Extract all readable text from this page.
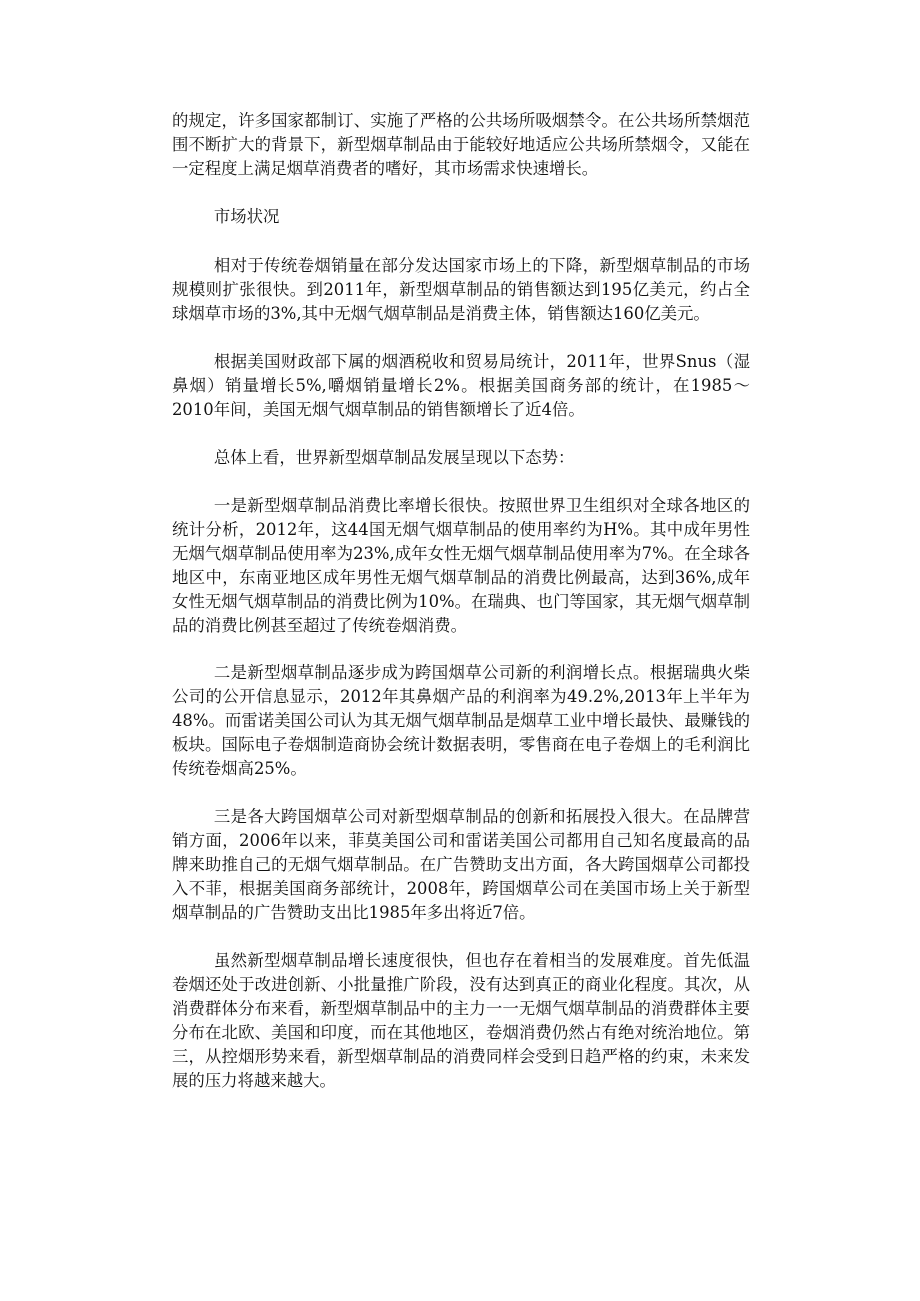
的规定，许多国家都制订、实施了严格的公共场所吸烟禁令。在公共场所禁烟范围不断扩大的背景下，新型烟草制品由于能较好地适应公共场所禁烟令，又能在一定程度上满足烟草消费者的嗜好，其市场需求快速增长。

市场状况

相对于传统卷烟销量在部分发达国家市场上的下降，新型烟草制品的市场规模则扩张很快。到2011年，新型烟草制品的销售额达到195亿美元，约占全球烟草市场的3%,其中无烟气烟草制品是消费主体，销售额达160亿美元。

根据美国财政部下属的烟酒税收和贸易局统计，2011年，世界Snus（湿鼻烟）销量增长5%,嚼烟销量增长2%。根据美国商务部的统计，在1985～2010年间，美国无烟气烟草制品的销售额增长了近4倍。

总体上看，世界新型烟草制品发展呈现以下态势：

一是新型烟草制品消费比率增长很快。按照世界卫生组织对全球各地区的统计分析，2012年，这44国无烟气烟草制品的使用率约为H%。其中成年男性无烟气烟草制品使用率为23%,成年女性无烟气烟草制品使用率为7%。在全球各地区中，东南亚地区成年男性无烟气烟草制品的消费比例最高，达到36%,成年女性无烟气烟草制品的消费比例为10%。在瑞典、也门等国家，其无烟气烟草制品的消费比例甚至超过了传统卷烟消费。

二是新型烟草制品逐步成为跨国烟草公司新的利润增长点。根据瑞典火柴公司的公开信息显示，2012年其鼻烟产品的利润率为49.2%,2013年上半年为48%。而雷诺美国公司认为其无烟气烟草制品是烟草工业中增长最快、最赚钱的板块。国际电子卷烟制造商协会统计数据表明，零售商在电子卷烟上的毛利润比传统卷烟高25%。

三是各大跨国烟草公司对新型烟草制品的创新和拓展投入很大。在品牌营销方面，2006年以来，菲莫美国公司和雷诺美国公司都用自己知名度最高的品牌来助推自己的无烟气烟草制品。在广告赞助支出方面，各大跨国烟草公司都投入不菲，根据美国商务部统计，2008年，跨国烟草公司在美国市场上关于新型烟草制品的广告赞助支出比1985年多出将近7倍。

虽然新型烟草制品增长速度很快，但也存在着相当的发展难度。首先低温卷烟还处于改进创新、小批量推广阶段，没有达到真正的商业化程度。其次，从消费群体分布来看，新型烟草制品中的主力一一无烟气烟草制品的消费群体主要分布在北欧、美国和印度，而在其他地区，卷烟消费仍然占有绝对统治地位。第三，从控烟形势来看，新型烟草制品的消费同样会受到日趋严格的约束，未来发展的压力将越来越大。
